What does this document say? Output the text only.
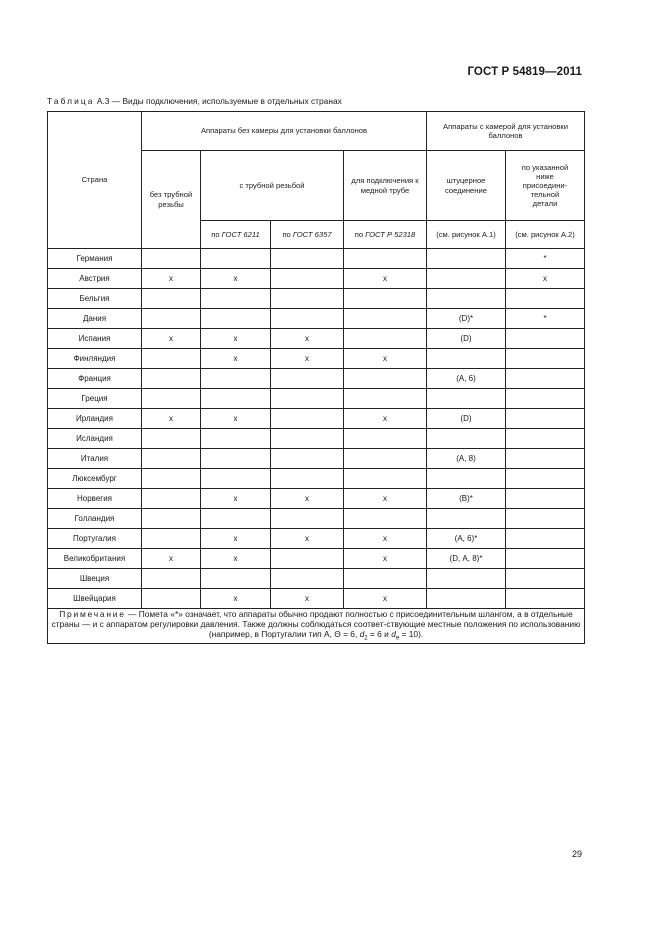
ГОСТ Р 54819—2011
Таблица А.3 — Виды подключения, используемые в отдельных странах
Страна	Аппараты без камеры для установки баллонов				Аппараты с камерой для установки баллонов	
	без трубной резьбы	с трубной резьбой		для подключения к медной трубе	штуцерное соединение	по указанной ниже присоедини-тельной детали
		по ГОСТ 6211	по ГОСТ 6357	по ГОСТ Р 52318	(см. рисунок А.1)	(см. рисунок А.2)
Германия						*
Австрия	x	x		x		x
Бельгия						
Дания					(D)*	*
Испания	x	x	x		(D)	
Финляндия		x	x	x		
Франция					(А, 6)	
Греция						
Ирландия	x	x		x	(D)	
Исландия						
Италия					(А, 8)	
Люксембург						
Норвегия		x	x	x	(В)*	
Голландия						
Португалия		x	x	x	(А, 6)*	
Великобритания	x	x		x	(D, А, 8)*	
Швеция						
Швейцария		x	x	x		
Примечание — Помета «*» означает, что аппараты обычно продают полностью с присоединительным шлангом, а в отдельные страны — и с аппаратом регулировки давления. Также должны соблюдаться соответ-ствующие местные положения по использованию (например, в Португалии тип А, Θ = 6, $d_2 = 6$ и $d_e = 10$).						
29
